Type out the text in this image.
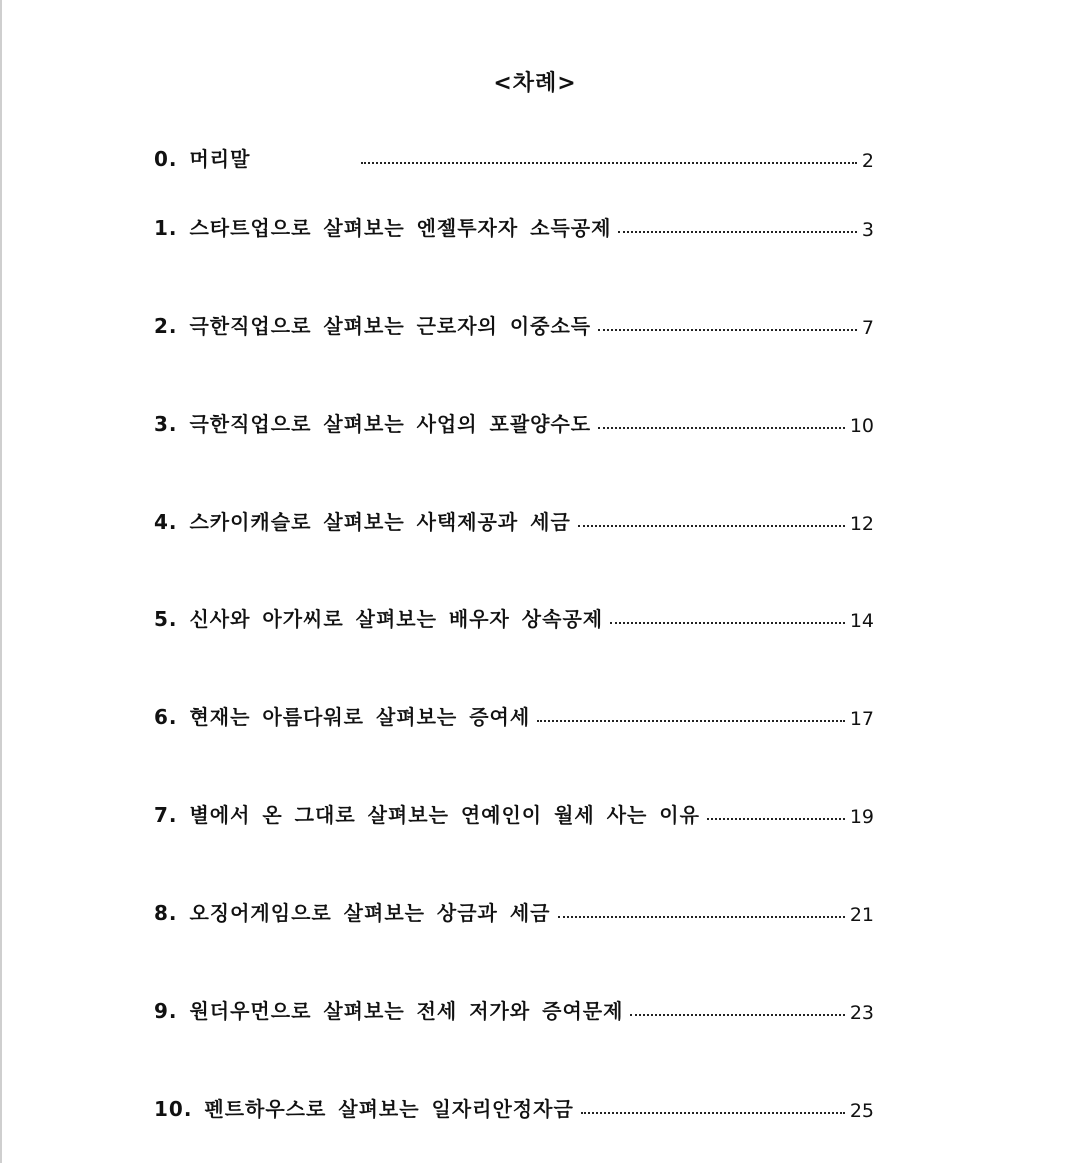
<차례>
0. 머리말	2
1. 스타트업으로 살펴보는 엔젤투자자 소득공제	3
2. 극한직업으로 살펴보는 근로자의 이중소득	7
3. 극한직업으로 살펴보는 사업의 포괄양수도	10
4. 스카이캐슬로 살펴보는 사택제공과 세금	12
5. 신사와 아가씨로 살펴보는 배우자 상속공제	14
6. 현재는 아름다워로 살펴보는 증여세	17
7. 별에서 온 그대로 살펴보는 연예인이 월세 사는 이유	19
8. 오징어게임으로 살펴보는 상금과 세금	21
9. 원더우먼으로 살펴보는 전세 저가와 증여문제	23
10. 펜트하우스로 살펴보는 일자리안정자금	25
